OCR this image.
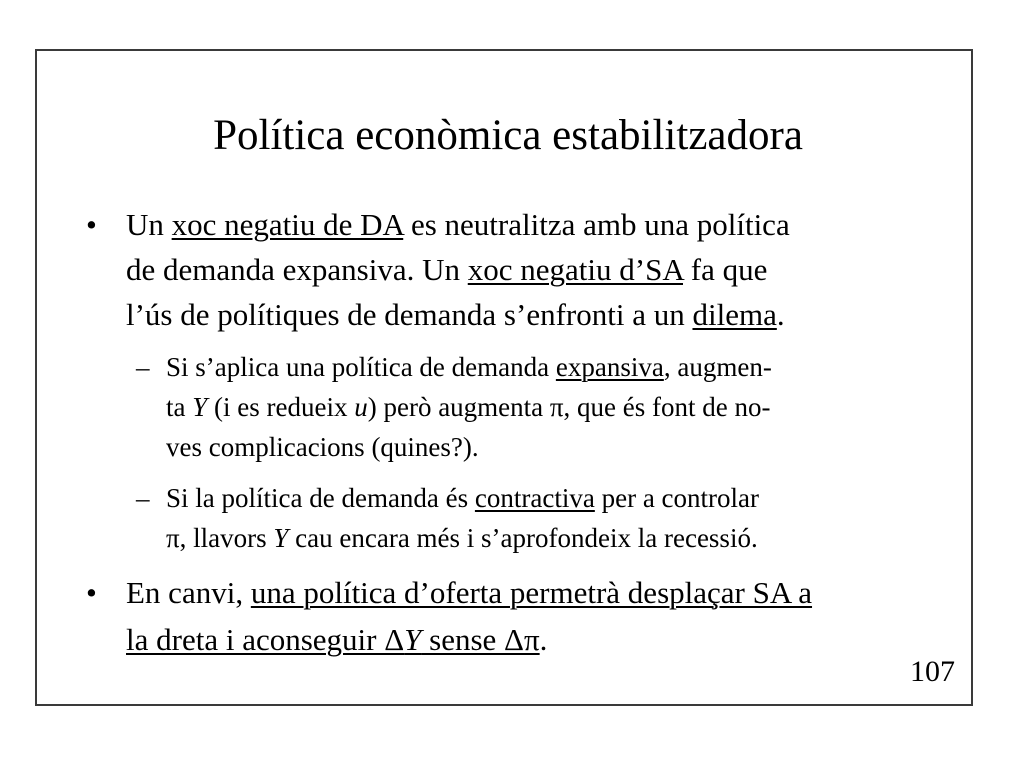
Política econòmica estabilitzadora
• Un xoc negatiu de DA es neutralitza amb una política
de demanda expansiva. Un xoc negatiu d’SA fa que
l’ús de polítiques de demanda s’enfronti a un dilema.
– Si s’aplica una política de demanda expansiva, augmen-
ta Y (i es redueix u) però augmenta π, que és font de no-
ves complicacions (quines?).
– Si la política de demanda és contractiva per a controlar
π, llavors Y cau encara més i s’aprofondeix la recessió.
• En canvi, una política d’oferta permetrà desplaçar SA a
la dreta i aconseguir ΔY sense Δπ.
107
